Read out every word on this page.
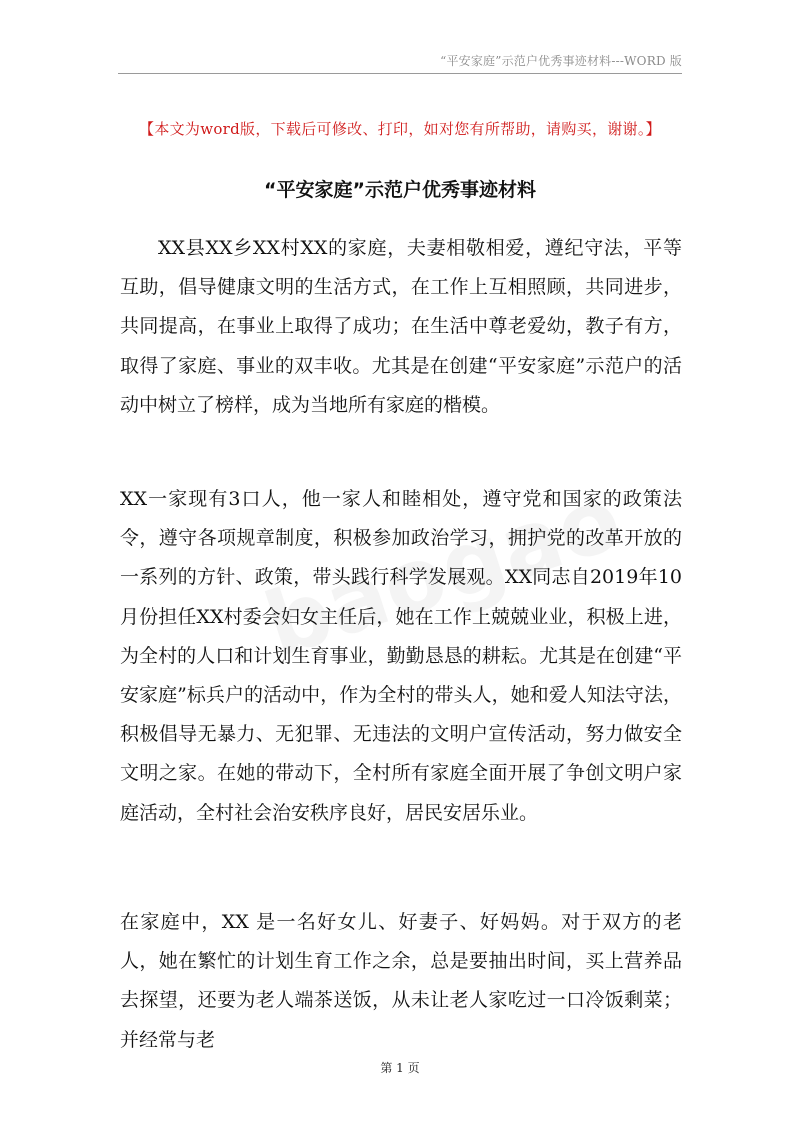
“平安家庭”示范户优秀事迹材料---WORD 版
【本文为word版，下载后可修改、打印，如对您有所帮助，请购买，谢谢。】
“平安家庭”示范户优秀事迹材料

XX县XX乡XX村XX的家庭，夫妻相敬相爱，遵纪守法，平等互助，倡导健康文明的生活方式，在工作上互相照顾，共同进步，共同提高，在事业上取得了成功；在生活中尊老爱幼，教子有方，取得了家庭、事业的双丰收。尤其是在创建“平安家庭”示范户的活动中树立了榜样，成为当地所有家庭的楷模。

XX一家现有3口人，他一家人和睦相处，遵守党和国家的政策法令，遵守各项规章制度，积极参加政治学习，拥护党的改革开放的一系列的方针、政策，带头践行科学发展观。XX同志自2019年10月份担任XX村委会妇女主任后，她在工作上兢兢业业，积极上进，为全村的人口和计划生育事业，勤勤恳恳的耕耘。尤其是在创建“平安家庭”标兵户的活动中，作为全村的带头人，她和爱人知法守法，积极倡导无暴力、无犯罪、无违法的文明户宣传活动，努力做安全文明之家。在她的带动下，全村所有家庭全面开展了争创文明户家庭活动，全村社会治安秩序良好，居民安居乐业。

在家庭中，XX 是一名好女儿、好妻子、好妈妈。对于双方的老人，她在繁忙的计划生育工作之余，总是要抽出时间，买上营养品去探望，还要为老人端茶送饭，从未让老人家吃过一口冷饭剩菜；并经常与老

第 1 页
